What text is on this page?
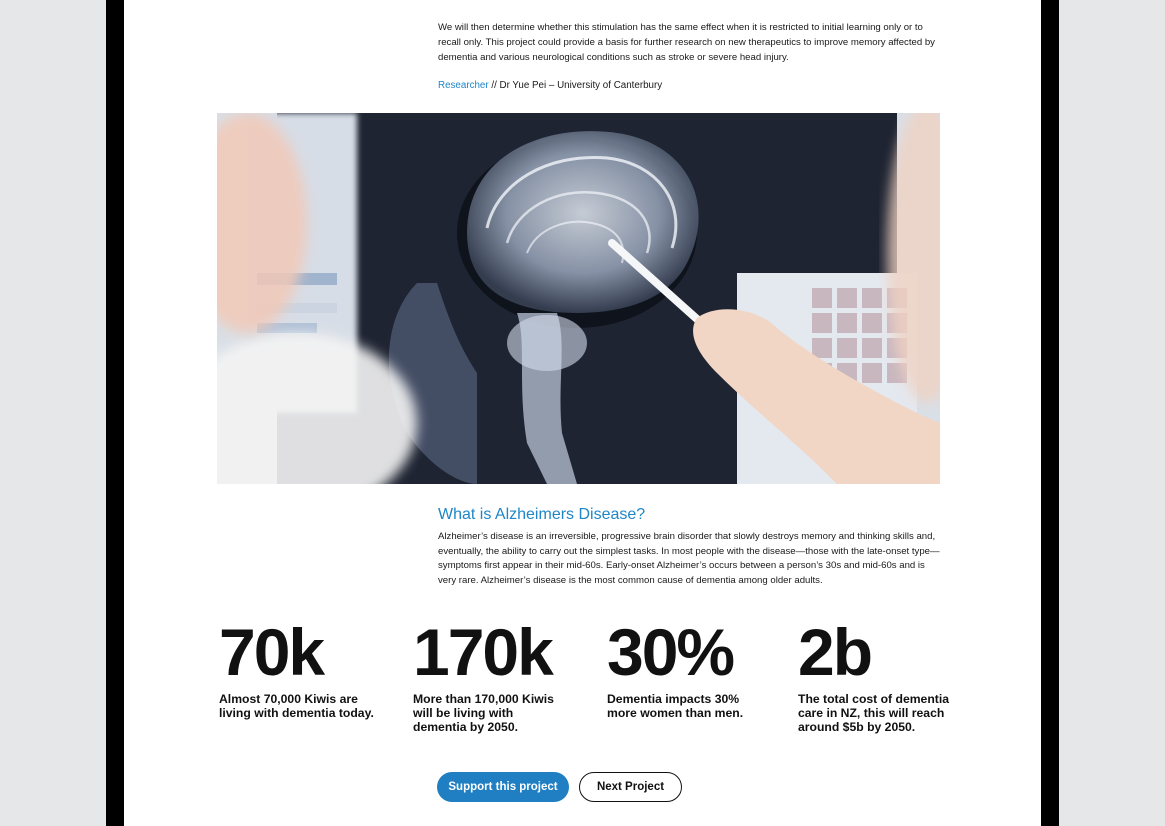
We will then determine whether this stimulation has the same effect when it is restricted to initial learning only or to recall only. This project could provide a basis for further research on new therapeutics to improve memory affected by dementia and various neurological conditions such as stroke or severe head injury.

Researcher // Dr Yue Pei – University of Canterbury
What is Alzheimers Disease?

Alzheimer’s disease is an irreversible, progressive brain disorder that slowly destroys memory and thinking skills and, eventually, the ability to carry out the simplest tasks. In most people with the disease—those with the late-onset type—symptoms first appear in their mid-60s. Early-onset Alzheimer’s occurs between a person’s 30s and mid-60s and is very rare. Alzheimer’s disease is the most common cause of dementia among older adults.

70k
Almost 70,000 Kiwis are living with dementia today.
170k
More than 170,000 Kiwis will be living with dementia by 2050.
30%
Dementia impacts 30% more women than men.
2b
The total cost of dementia care in NZ, this will reach around $5b by 2050.
Support this project	Next Project
